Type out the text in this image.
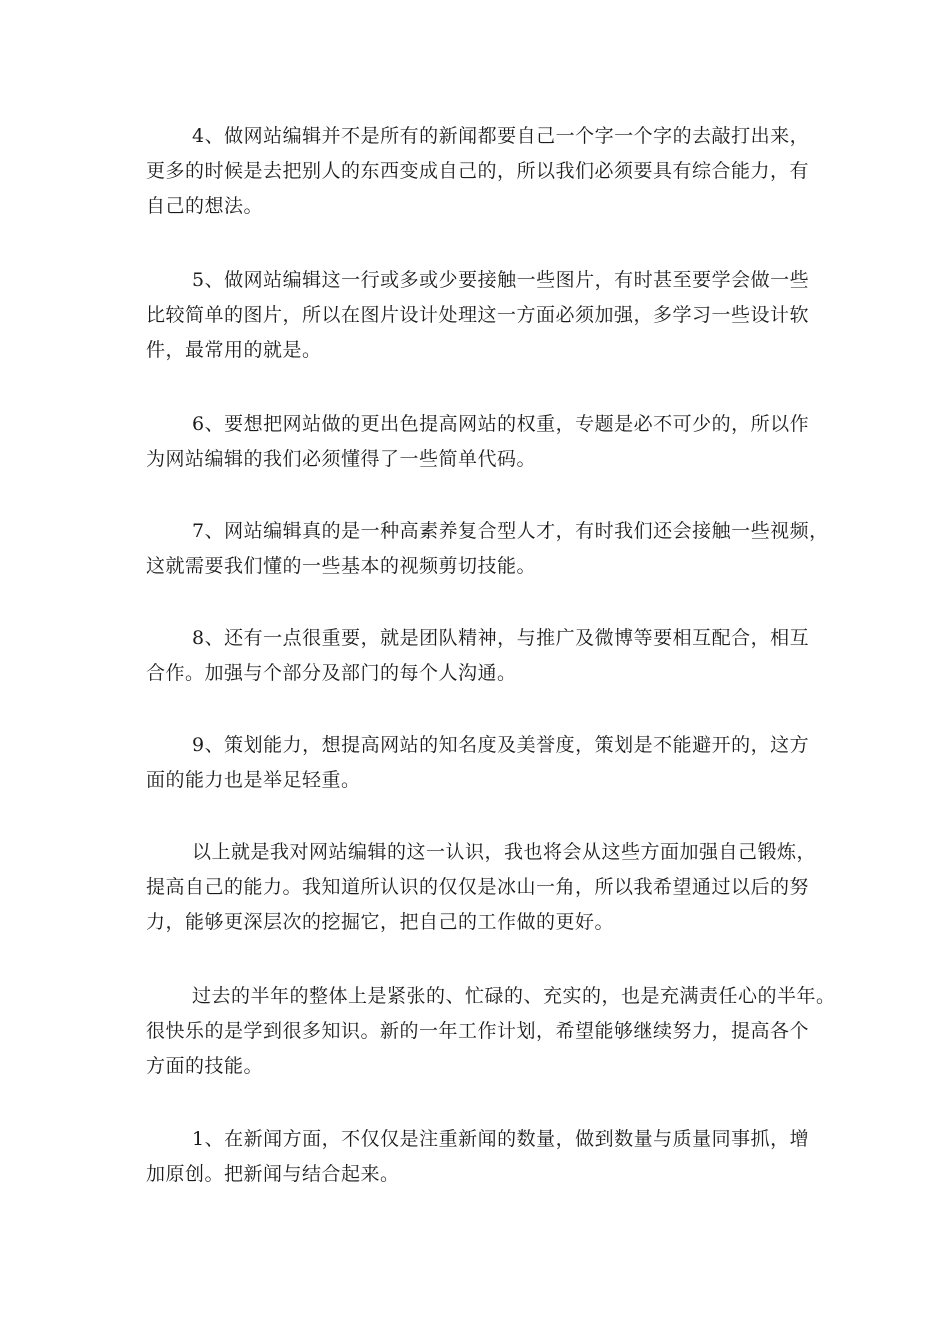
4、做网站编辑并不是所有的新闻都要自己一个字一个字的去敲打出来，
更多的时候是去把别人的东西变成自己的，所以我们必须要具有综合能力，有
自己的想法。

5、做网站编辑这一行或多或少要接触一些图片，有时甚至要学会做一些
比较简单的图片，所以在图片设计处理这一方面必须加强，多学习一些设计软
件，最常用的就是。

6、要想把网站做的更出色提高网站的权重，专题是必不可少的，所以作
为网站编辑的我们必须懂得了一些简单代码。

7、网站编辑真的是一种高素养复合型人才，有时我们还会接触一些视频，
这就需要我们懂的一些基本的视频剪切技能。

8、还有一点很重要，就是团队精神，与推广及微博等要相互配合，相互
合作。加强与个部分及部门的每个人沟通。

9、策划能力，想提高网站的知名度及美誉度，策划是不能避开的，这方
面的能力也是举足轻重。

以上就是我对网站编辑的这一认识，我也将会从这些方面加强自己锻炼，
提高自己的能力。我知道所认识的仅仅是冰山一角，所以我希望通过以后的努
力，能够更深层次的挖掘它，把自己的工作做的更好。

过去的半年的整体上是紧张的、忙碌的、充实的，也是充满责任心的半年。
很快乐的是学到很多知识。新的一年工作计划，希望能够继续努力，提高各个
方面的技能。

1、在新闻方面，不仅仅是注重新闻的数量，做到数量与质量同事抓，增
加原创。把新闻与结合起来。
